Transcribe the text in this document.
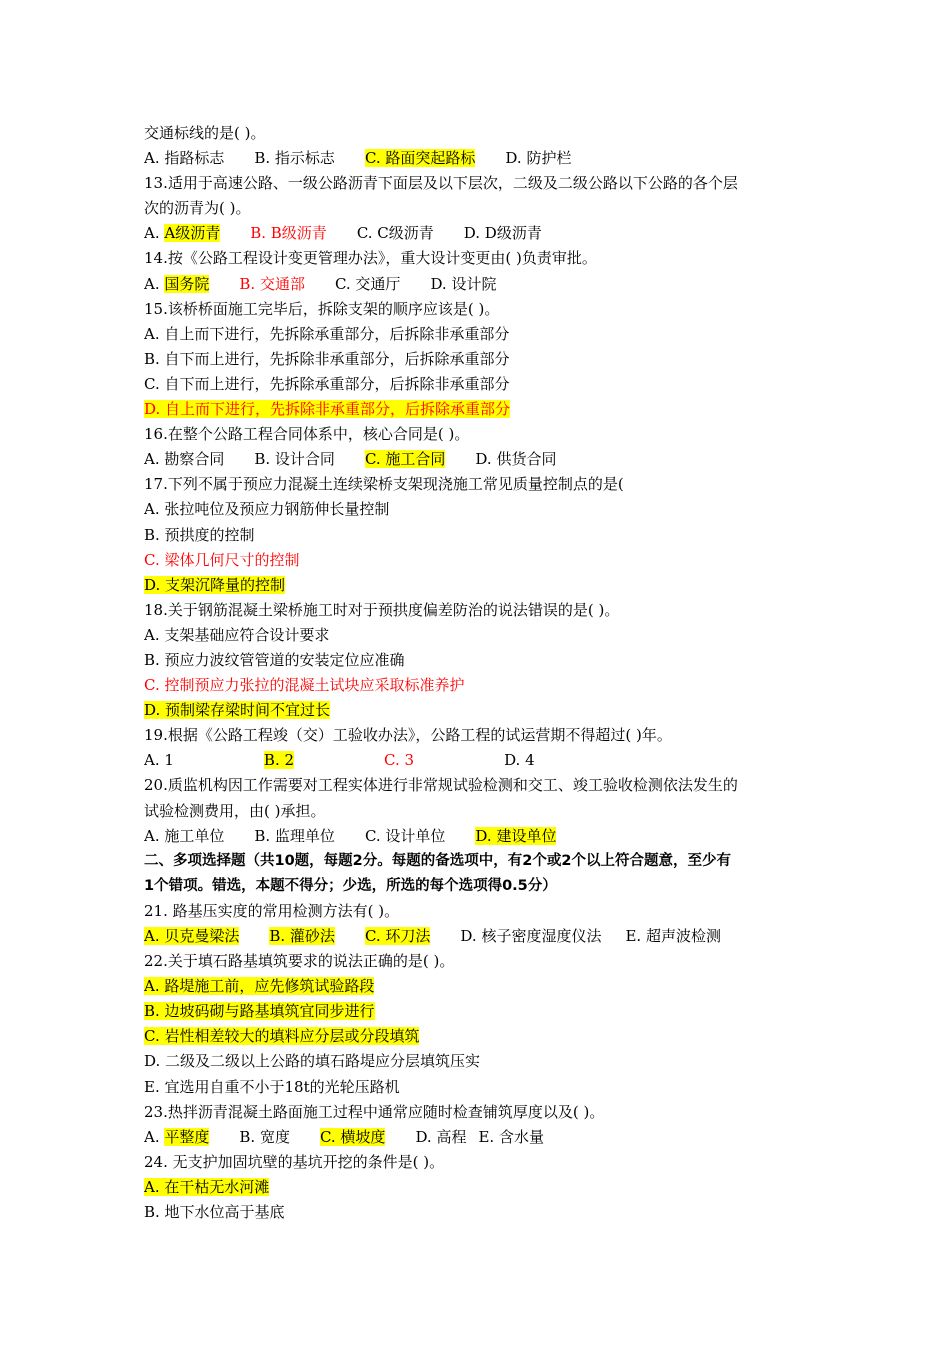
交通标线的是( )。
A. 指路标志 B. 指示标志 C. 路面突起路标 D. 防护栏
13.适用于高速公路、一级公路沥青下面层及以下层次，二级及二级公路以下公路的各个层
次的沥青为( )。
A. A级沥青 B. B级沥青 C. C级沥青 D. D级沥青
14.按《公路工程设计变更管理办法》，重大设计变更由( )负责审批。
A. 国务院 B. 交通部 C. 交通厅 D. 设计院
15.该桥桥面施工完毕后，拆除支架的顺序应该是( )。
A. 自上而下进行，先拆除承重部分，后拆除非承重部分
B. 自下而上进行，先拆除非承重部分，后拆除承重部分
C. 自下而上进行，先拆除承重部分，后拆除非承重部分
D. 自上而下进行，先拆除非承重部分，后拆除承重部分
16.在整个公路工程合同体系中，核心合同是( )。
A. 勘察合同 B. 设计合同 C. 施工合同 D. 供货合同
17.下列不属于预应力混凝土连续梁桥支架现浇施工常见质量控制点的是(
A. 张拉吨位及预应力钢筋伸长量控制
B. 预拱度的控制
C. 梁体几何尺寸的控制
D. 支架沉降量的控制
18.关于钢筋混凝土梁桥施工时对于预拱度偏差防治的说法错误的是( )。
A. 支架基础应符合设计要求
B. 预应力波纹管管道的安装定位应准确
C. 控制预应力张拉的混凝土试块应采取标准养护
D. 预制梁存梁时间不宜过长
19.根据《公路工程竣（交）工验收办法》，公路工程的试运营期不得超过( )年。
A. 1	B. 2	C. 3	D. 4
20.质监机构因工作需要对工程实体进行非常规试验检测和交工、竣工验收检测依法发生的
试验检测费用，由( )承担。
A. 施工单位 B. 监理单位 C. 设计单位 D. 建设单位
二、多项选择题（共10题，每题2分。每题的备选项中，有2个或2个以上符合题意，至少有
1个错项。错选，本题不得分；少选，所选的每个选项得0.5分）
21. 路基压实度的常用检测方法有( )。
A. 贝克曼梁法 B. 灌砂法 C. 环刀法 D. 核子密度湿度仪法 E. 超声波检测
22.关于填石路基填筑要求的说法正确的是( )。
A. 路堤施工前，应先修筑试验路段
B. 边坡码砌与路基填筑宜同步进行
C. 岩性相差较大的填料应分层或分段填筑
D. 二级及二级以上公路的填石路堤应分层填筑压实
E. 宜选用自重不小于18t的光轮压路机
23.热拌沥青混凝土路面施工过程中通常应随时检查铺筑厚度以及( )。
A. 平整度 B. 宽度 C. 横坡度 D. 高程 E. 含水量
24. 无支护加固坑壁的基坑开挖的条件是( )。
A. 在干枯无水河滩
B. 地下水位高于基底
